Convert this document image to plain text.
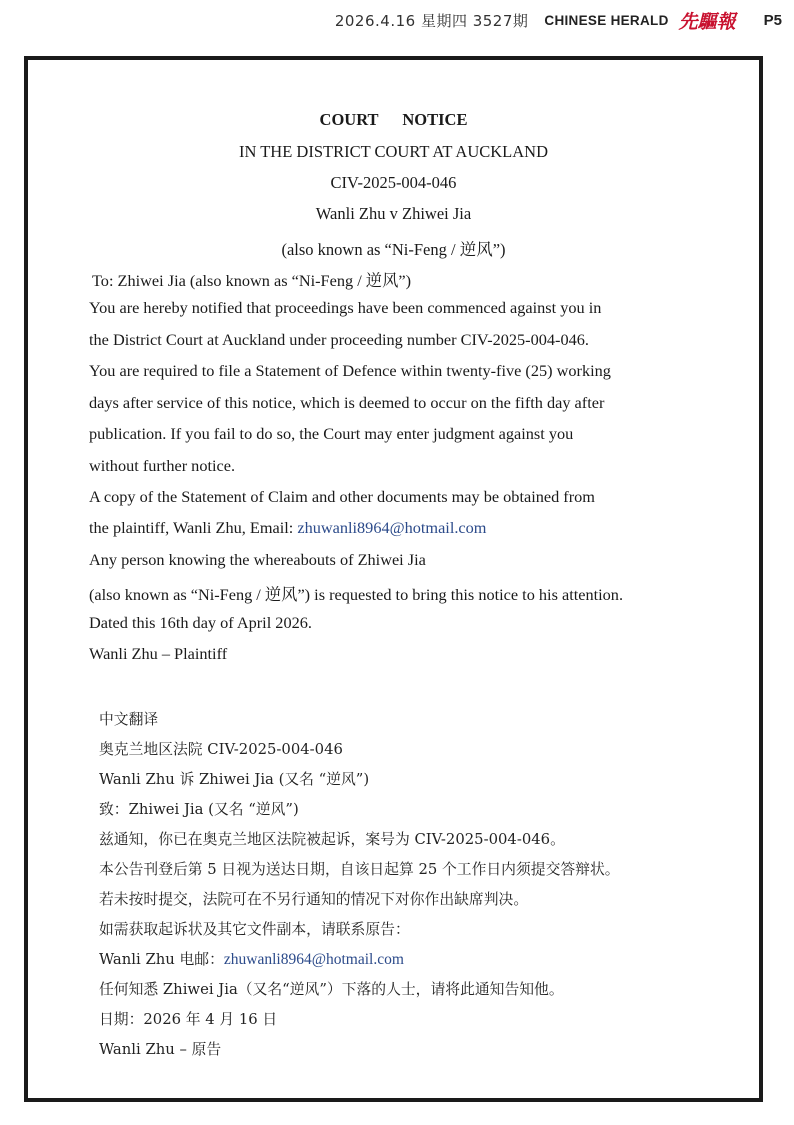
2026.4.16 星期四 3527期 CHINESE HERALD 先驅報 P5
COURT NOTICE
IN THE DISTRICT COURT AT AUCKLAND
CIV-2025-004-046
Wanli Zhu v Zhiwei Jia
(also known as “Ni-Feng / 逆风”)
To: Zhiwei Jia (also known as “Ni-Feng / 逆风”)
You are hereby notified that proceedings have been commenced against you in
the District Court at Auckland under proceeding number CIV-2025-004-046.
You are required to file a Statement of Defence within twenty-five (25) working
days after service of this notice, which is deemed to occur on the fifth day after
publication. If you fail to do so, the Court may enter judgment against you
without further notice.
A copy of the Statement of Claim and other documents may be obtained from
the plaintiff, Wanli Zhu, Email: zhuwanli8964@hotmail.com
Any person knowing the whereabouts of Zhiwei Jia
(also known as “Ni-Feng / 逆风”) is requested to bring this notice to his attention.
Dated this 16th day of April 2026.
Wanli Zhu – Plaintiff
中文翻译
奥克兰地区法院 CIV-2025-004-046
Wanli Zhu 诉 Zhiwei Jia (又名 “逆风”)
致：Zhiwei Jia (又名 “逆风”)
兹通知，你已在奥克兰地区法院被起诉，案号为 CIV-2025-004-046。
本公告刊登后第 5 日视为送达日期，自该日起算 25 个工作日内须提交答辩状。
若未按时提交，法院可在不另行通知的情况下对你作出缺席判决。
如需获取起诉状及其它文件副本，请联系原告：
Wanli Zhu 电邮：zhuwanli8964@hotmail.com
任何知悉 Zhiwei Jia（又名“逆风”）下落的人士，请将此通知告知他。
日期：2026 年 4 月 16 日
Wanli Zhu – 原告
